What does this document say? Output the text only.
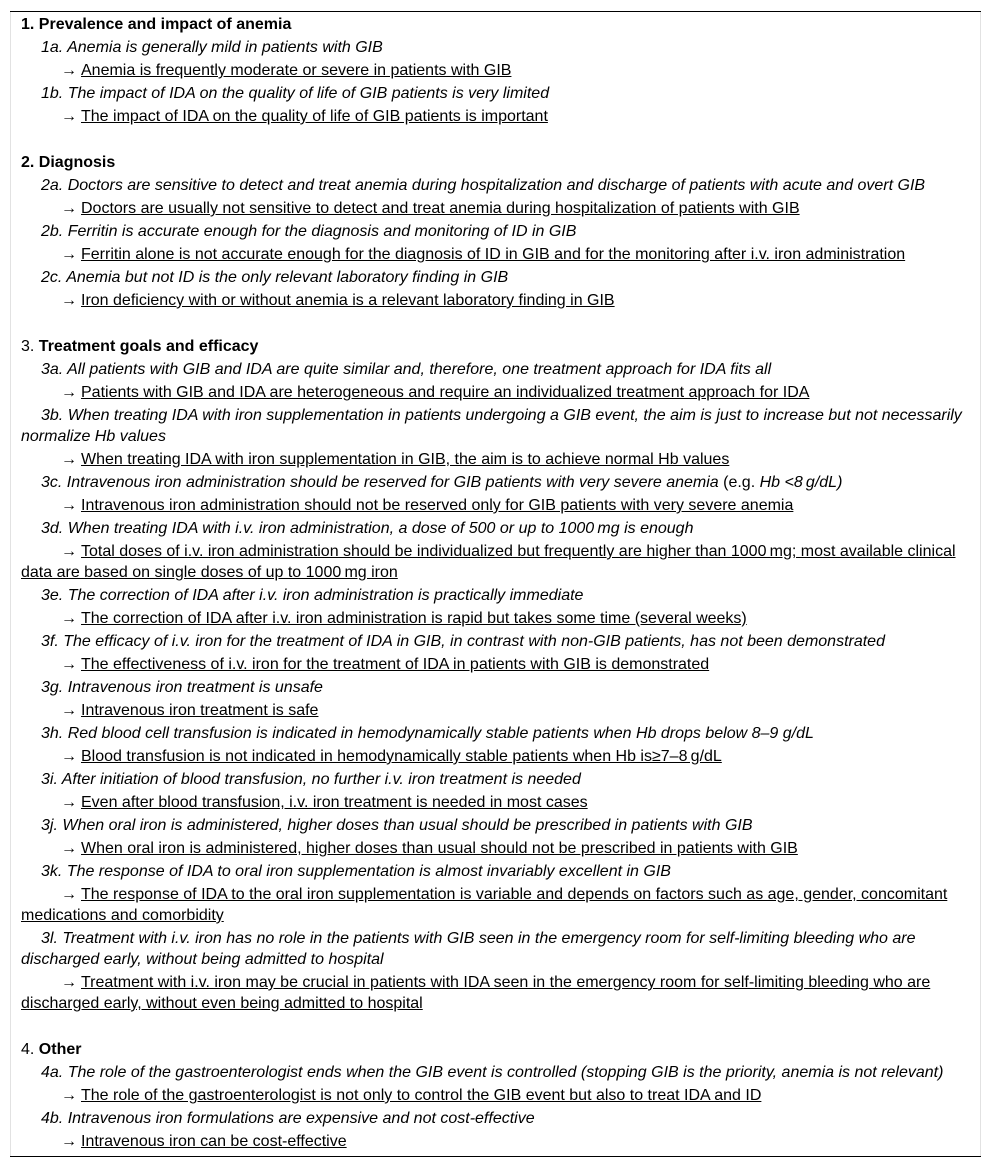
1. Prevalence and impact of anemia
1a. Anemia is generally mild in patients with GIB
→ Anemia is frequently moderate or severe in patients with GIB
1b. The impact of IDA on the quality of life of GIB patients is very limited
→ The impact of IDA on the quality of life of GIB patients is important
2. Diagnosis
2a. Doctors are sensitive to detect and treat anemia during hospitalization and discharge of patients with acute and overt GIB
→ Doctors are usually not sensitive to detect and treat anemia during hospitalization of patients with GIB
2b. Ferritin is accurate enough for the diagnosis and monitoring of ID in GIB
→ Ferritin alone is not accurate enough for the diagnosis of ID in GIB and for the monitoring after i.v. iron administration
2c. Anemia but not ID is the only relevant laboratory finding in GIB
→ Iron deficiency with or without anemia is a relevant laboratory finding in GIB
3. Treatment goals and efficacy
3a. All patients with GIB and IDA are quite similar and, therefore, one treatment approach for IDA fits all
→ Patients with GIB and IDA are heterogeneous and require an individualized treatment approach for IDA
3b. When treating IDA with iron supplementation in patients undergoing a GIB event, the aim is just to increase but not necessarily normalize Hb values
→ When treating IDA with iron supplementation in GIB, the aim is to achieve normal Hb values
3c. Intravenous iron administration should be reserved for GIB patients with very severe anemia (e.g. Hb <8 g/dL)
→ Intravenous iron administration should not be reserved only for GIB patients with very severe anemia
3d. When treating IDA with i.v. iron administration, a dose of 500 or up to 1000 mg is enough
→ Total doses of i.v. iron administration should be individualized but frequently are higher than 1000 mg; most available clinical data are based on single doses of up to 1000 mg iron
3e. The correction of IDA after i.v. iron administration is practically immediate
→ The correction of IDA after i.v. iron administration is rapid but takes some time (several weeks)
3f. The efficacy of i.v. iron for the treatment of IDA in GIB, in contrast with non-GIB patients, has not been demonstrated
→ The effectiveness of i.v. iron for the treatment of IDA in patients with GIB is demonstrated
3g. Intravenous iron treatment is unsafe
→ Intravenous iron treatment is safe
3h. Red blood cell transfusion is indicated in hemodynamically stable patients when Hb drops below 8–9 g/dL
→ Blood transfusion is not indicated in hemodynamically stable patients when Hb is≥7–8 g/dL
3i. After initiation of blood transfusion, no further i.v. iron treatment is needed
→ Even after blood transfusion, i.v. iron treatment is needed in most cases
3j. When oral iron is administered, higher doses than usual should be prescribed in patients with GIB
→ When oral iron is administered, higher doses than usual should not be prescribed in patients with GIB
3k. The response of IDA to oral iron supplementation is almost invariably excellent in GIB
→ The response of IDA to the oral iron supplementation is variable and depends on factors such as age, gender, concomitant medications and comorbidity
3l. Treatment with i.v. iron has no role in the patients with GIB seen in the emergency room for self-limiting bleeding who are discharged early, without being admitted to hospital
→ Treatment with i.v. iron may be crucial in patients with IDA seen in the emergency room for self-limiting bleeding who are discharged early, without even being admitted to hospital
4. Other
4a. The role of the gastroenterologist ends when the GIB event is controlled (stopping GIB is the priority, anemia is not relevant)
→ The role of the gastroenterologist is not only to control the GIB event but also to treat IDA and ID
4b. Intravenous iron formulations are expensive and not cost-effective
→ Intravenous iron can be cost-effective
